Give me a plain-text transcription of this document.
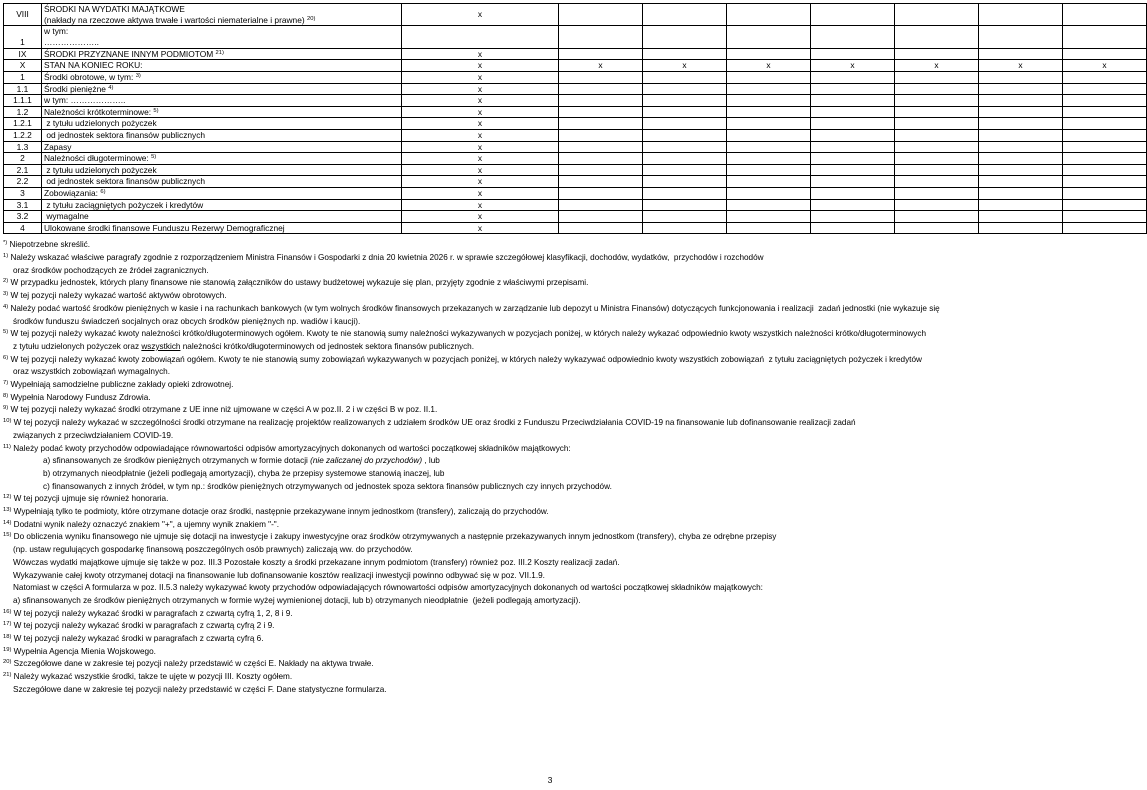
VIII	ŚRODKI NA WYDATKI MAJĄTKOWE
(nakłady na rzeczowe aktywa trwałe i wartości niematerialne i prawne) $^{20)}$	x								
1	w tym:
………………..									
IX	ŚRODKI PRZYZNANE INNYM PODMIOTOM $^{21)}$	x								
X	STAN NA KONIEC ROKU:	x	x	x	x	x	x	x	x	
1	Środki obrotowe, w tym: $^{3)}$	x								
1.1	Środki pieniężne $^{4)}$	x								
1.1.1	w tym: ………………..	x								
1.2	Należności krótkoterminowe: $^{5)}$	x								
1.2.1	z tytułu udzielonych pożyczek	x								
1.2.2	od jednostek sektora finansów publicznych	x								
1.3	Zapasy	x								
2	Należności długoterminowe: $^{5)}$	x								
2.1	z tytułu udzielonych pożyczek	x								
2.2	od jednostek sektora finansów publicznych	x								
3	Zobowiązania: $^{6)}$	x								
3.1	z tytułu zaciągniętych pożyczek i kredytów	x								
3.2	wymagalne	x								
4	Ulokowane środki finansowe Funduszu Rezerwy Demograficznej	x								
*) Niepotrzebne skreślić.
$^{1)}$ Należy wskazać właściwe paragrafy zgodnie z rozporządzeniem Ministra Finansów i Gospodarki z dnia 20 kwietnia 2026 r. w sprawie szczegółowej klasyfikacji, dochodów, wydatków,  przychodów i rozchodów
oraz środków pochodzących ze źródeł zagranicznych.
$^{2)}$ W przypadku jednostek, których plany finansowe nie stanowią załączników do ustawy budżetowej wykazuje się plan, przyjęty zgodnie z właściwymi przepisami.
$^{3)}$ W tej pozycji należy wykazać wartość aktywów obrotowych.
$^{4)}$ Należy podać wartość środków pieniężnych w kasie i na rachunkach bankowych (w tym wolnych środków finansowych przekazanych w zarządzanie lub depozyt u Ministra Finansów) dotyczących funkcjonowania i realizacji  zadań jednostki (nie wykazuje się
środków funduszu świadczeń socjalnych oraz obcych środków pieniężnych np. wadiów i kaucji).
$^{5)}$ W tej pozycji należy wykazać kwoty należności krótko/długoterminowych ogółem. Kwoty te nie stanowią sumy należności wykazywanych w pozycjach poniżej, w których należy wykazać odpowiednio kwoty wszystkich należności krótko/długoterminowych
z tytułu udzielonych pożyczek oraz wszystkich należności krótko/długoterminowych od jednostek sektora finansów publicznych.
$^{6)}$ W tej pozycji należy wykazać kwoty zobowiązań ogółem. Kwoty te nie stanowią sumy zobowiązań wykazywanych w pozycjach poniżej, w których należy wykazywać odpowiednio kwoty wszystkich zobowiązań  z tytułu zaciągniętych pożyczek i kredytów
oraz wszystkich zobowiązań wymagalnych.
$^{7)}$ Wypełniają samodzielne publiczne zakłady opieki zdrowotnej.
$^{8)}$ Wypełnia Narodowy Fundusz Zdrowia.
$^{9)}$ W tej pozycji należy wykazać środki otrzymane z UE inne niż ujmowane w części A w poz.II. 2 i w części B w poz. II.1.
$^{10)}$ W tej pozycji należy wykazać w szczególności środki otrzymane na realizację projektów realizowanych z udziałem środków UE oraz środki z Funduszu Przeciwdziałania COVID-19 na finansowanie lub dofinansowanie realizacji zadań
związanych z przeciwdziałaniem COVID-19.
$^{11)}$ Należy podać kwoty przychodów odpowiadające równowartości odpisów amortyzacyjnych dokonanych od wartości początkowej składników majątkowych:
a) sfinansowanych ze środków pieniężnych otrzymanych w formie dotacji (nie zaliczanej do przychodów) , lub
b) otrzymanych nieodpłatnie (jeżeli podlegają amortyzacji), chyba że przepisy systemowe stanowią inaczej, lub
c) finansowanych z innych źródeł, w tym np.: środków pieniężnych otrzymywanych od jednostek spoza sektora finansów publicznych czy innych przychodów.
$^{12)}$ W tej pozycji ujmuje się również honoraria.
$^{13)}$ Wypełniają tylko te podmioty, które otrzymane dotacje oraz środki, następnie przekazywane innym jednostkom (transfery), zaliczają do przychodów.
$^{14)}$ Dodatni wynik należy oznaczyć znakiem "+", a ujemny wynik znakiem "-".
$^{15)}$ Do obliczenia wyniku finansowego nie ujmuje się dotacji na inwestycje i zakupy inwestycyjne oraz środków otrzymywanych a następnie przekazywanych innym jednostkom (transfery), chyba ze odrębne przepisy
(np. ustaw regulujących gospodarkę finansową poszczególnych osób prawnych) zaliczają ww. do przychodów.
Wówczas wydatki majątkowe ujmuje się także w poz. III.3 Pozostałe koszty a środki przekazane innym podmiotom (transfery) również poz. III.2 Koszty realizacji zadań.
Wykazywanie całej kwoty otrzymanej dotacji na finansowanie lub dofinansowanie kosztów realizacji inwestycji powinno odbywać się w poz. VII.1.9.
Natomiast w części A formularza w poz. II.5.3 należy wykazywać kwoty przychodów odpowiadających równowartości odpisów amortyzacyjnych dokonanych od wartości początkowej składników majątkowych:
a) sfinansowanych ze środków pieniężnych otrzymanych w formie wyżej wymienionej dotacji, lub b) otrzymanych nieodpłatnie  (jeżeli podlegają amortyzacji).
$^{16)}$ W tej pozycji należy wykazać środki w paragrafach z czwartą cyfrą 1, 2, 8 i 9.
$^{17)}$ W tej pozycji należy wykazać środki w paragrafach z czwartą cyfrą 2 i 9.
$^{18)}$ W tej pozycji należy wykazać środki w paragrafach z czwartą cyfrą 6.
$^{19)}$ Wypełnia Agencja Mienia Wojskowego.
$^{20)}$ Szczegółowe dane w zakresie tej pozycji należy przedstawić w części E. Nakłady na aktywa trwałe.
$^{21)}$ Należy wykazać wszystkie środki, takze te ujęte w pozycji III. Koszty ogółem.
Szczegółowe dane w zakresie tej pozycji należy przedstawić w części F. Dane statystyczne formularza.
3
